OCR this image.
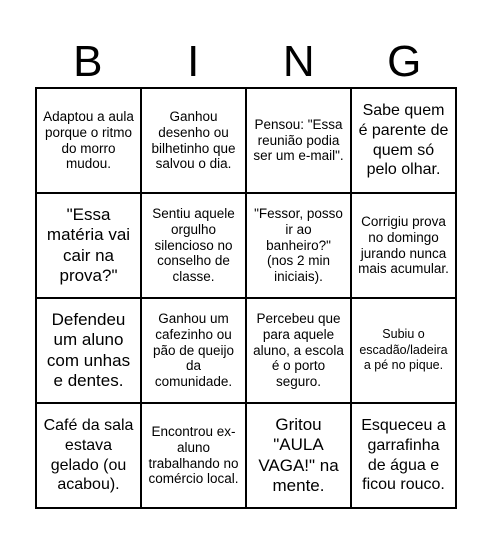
B	I	N	G
Adaptou a aula porque o ritmo do morro mudou.
Ganhou desenho ou bilhetinho que salvou o dia.
Pensou: "Essa reunião podia ser um e-mail".
Sabe quem é parente de quem só pelo olhar.
"Essa matéria vai cair na prova?"
Sentiu aquele orgulho silencioso no conselho de classe.
"Fessor, posso ir ao banheiro?" (nos 2 min iniciais).
Corrigiu prova no domingo jurando nunca mais acumular.
Defendeu um aluno com unhas e dentes.
Ganhou um cafezinho ou pão de queijo da comunidade.
Percebeu que para aquele aluno, a escola é o porto seguro.
Subiu o escadão/ladeira a pé no pique.
Café da sala estava gelado (ou acabou).
Encontrou ex-aluno trabalhando no comércio local.
Gritou "AULA VAGA!" na mente.
Esqueceu a garrafinha de água e ficou rouco.
